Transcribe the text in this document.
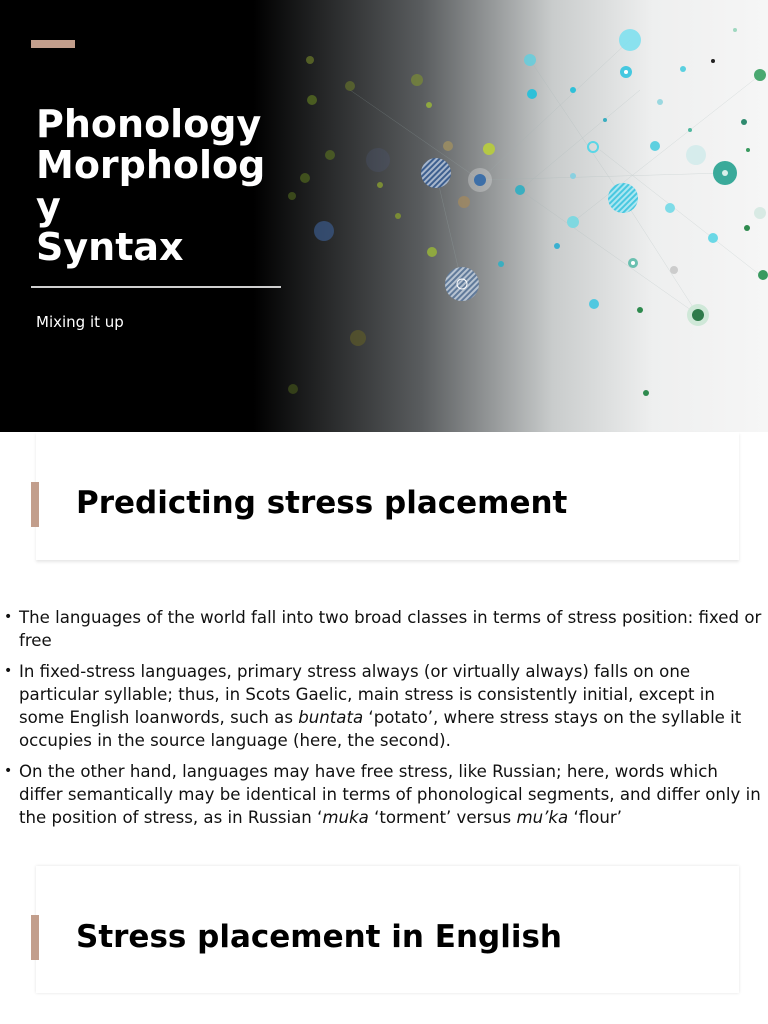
Phonology
Morphology
Syntax

Mixing it up

Predicting stress placement
• The languages of the world fall into two broad classes in terms of stress position: fixed or free
• In fixed-stress languages, primary stress always (or virtually always) falls on one particular syllable; thus, in Scots Gaelic, main stress is consistently initial, except in some English loanwords, such as buntata ‘potato’, where stress stays on the syllable it occupies in the source language (here, the second).
• On the other hand, languages may have free stress, like Russian; here, words which differ semantically may be identical in terms of phonological segments, and differ only in the position of stress, as in Russian ‘muka ‘torment’ versus mu’ka ‘flour’
Stress placement in English
